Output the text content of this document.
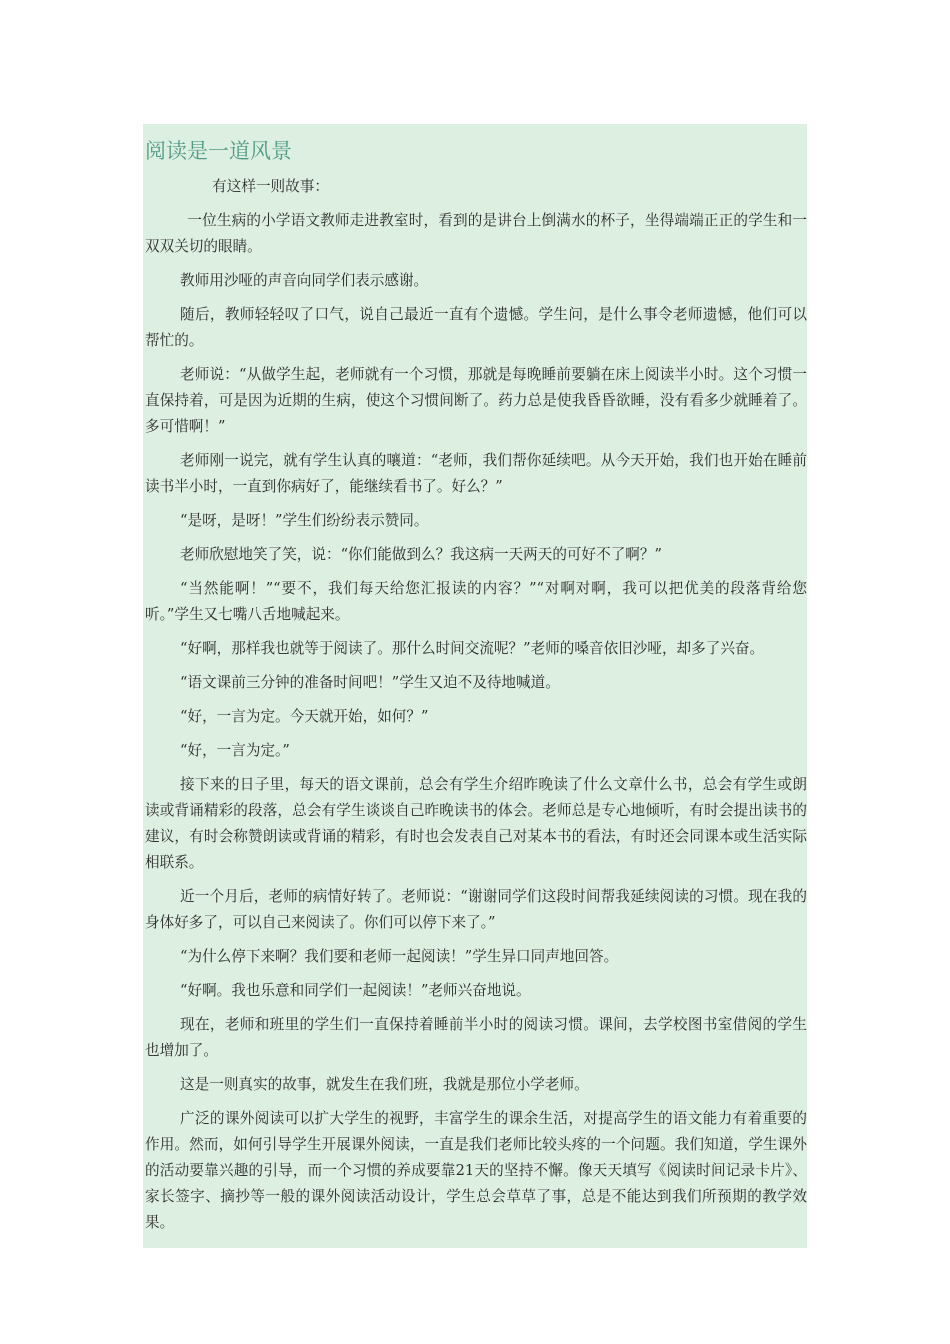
阅读是一道风景

有这样一则故事：

一位生病的小学语文教师走进教室时，看到的是讲台上倒满水的杯子，坐得端端正正的学生和一双双关切的眼睛。

教师用沙哑的声音向同学们表示感谢。

随后，教师轻轻叹了口气，说自己最近一直有个遗憾。学生问，是什么事令老师遗憾，他们可以帮忙的。

老师说：“从做学生起，老师就有一个习惯，那就是每晚睡前要躺在床上阅读半小时。这个习惯一直保持着，可是因为近期的生病，使这个习惯间断了。药力总是使我昏昏欲睡，没有看多少就睡着了。多可惜啊！”

老师刚一说完，就有学生认真的嚷道：“老师，我们帮你延续吧。从今天开始，我们也开始在睡前读书半小时，一直到你病好了，能继续看书了。好么？”

“是呀，是呀！”学生们纷纷表示赞同。

老师欣慰地笑了笑，说：“你们能做到么？我这病一天两天的可好不了啊？”

“当然能啊！”“要不，我们每天给您汇报读的内容？”“对啊对啊，我可以把优美的段落背给您听。”学生又七嘴八舌地喊起来。

“好啊，那样我也就等于阅读了。那什么时间交流呢？”老师的嗓音依旧沙哑，却多了兴奋。

“语文课前三分钟的准备时间吧！”学生又迫不及待地喊道。

“好，一言为定。今天就开始，如何？”

“好，一言为定。”

接下来的日子里，每天的语文课前，总会有学生介绍昨晚读了什么文章什么书，总会有学生或朗读或背诵精彩的段落，总会有学生谈谈自己昨晚读书的体会。老师总是专心地倾听，有时会提出读书的建议，有时会称赞朗读或背诵的精彩，有时也会发表自己对某本书的看法，有时还会同课本或生活实际相联系。

近一个月后，老师的病情好转了。老师说：“谢谢同学们这段时间帮我延续阅读的习惯。现在我的身体好多了，可以自己来阅读了。你们可以停下来了。”

“为什么停下来啊？我们要和老师一起阅读！”学生异口同声地回答。

“好啊。我也乐意和同学们一起阅读！”老师兴奋地说。

现在，老师和班里的学生们一直保持着睡前半小时的阅读习惯。课间，去学校图书室借阅的学生也增加了。

这是一则真实的故事，就发生在我们班，我就是那位小学老师。

广泛的课外阅读可以扩大学生的视野，丰富学生的课余生活，对提高学生的语文能力有着重要的作用。然而，如何引导学生开展课外阅读，一直是我们老师比较头疼的一个问题。我们知道，学生课外的活动要靠兴趣的引导，而一个习惯的养成要靠21天的坚持不懈。像天天填写《阅读时间记录卡片》、家长签字、摘抄等一般的课外阅读活动设计，学生总会草草了事，总是不能达到我们所预期的教学效果。
